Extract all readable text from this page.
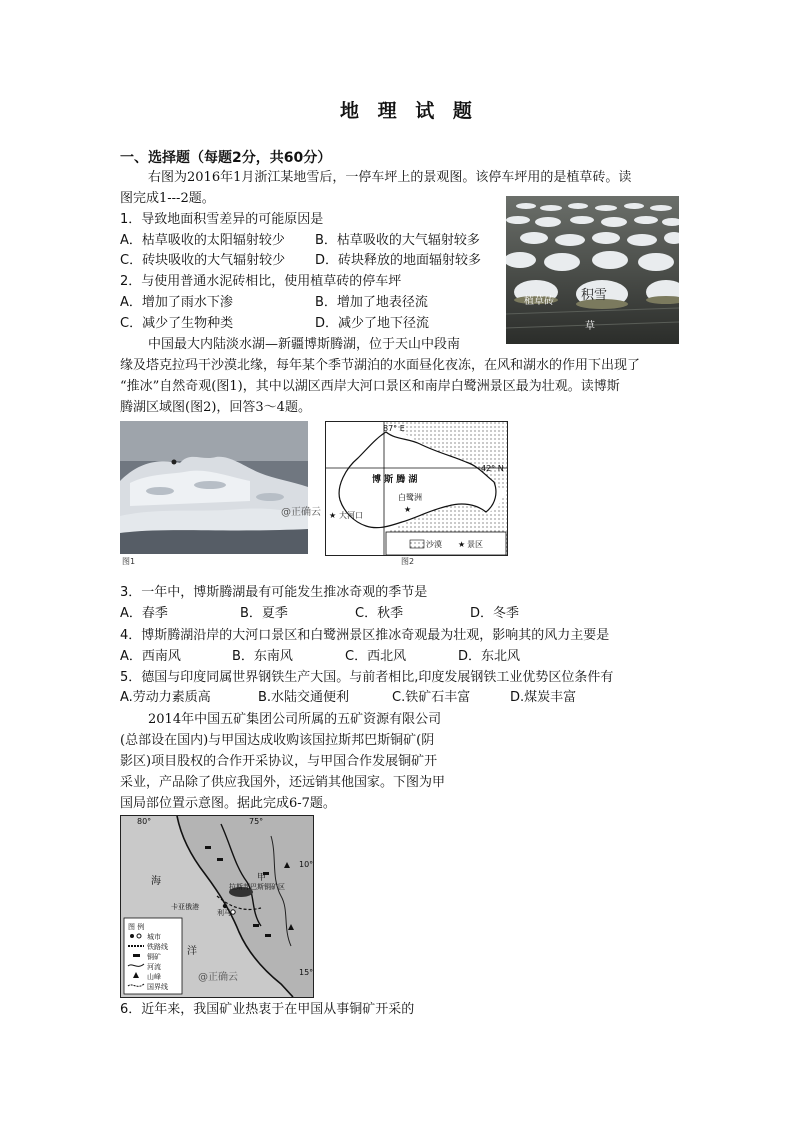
地 理 试 题
一、选择题（每题2分，共60分）
右图为2016年1月浙江某地雪后，一停车坪上的景观图。该停车坪用的是植草砖。读
图完成1---2题。
1．导致地面积雪差异的可能原因是
A．枯草吸收的太阳辐射较少 B．枯草吸收的大气辐射较多
C．砖块吸收的大气辐射较少 D．砖块释放的地面辐射较多
2．与使用普通水泥砖相比，使用植草砖的停车坪
A．增加了雨水下渗	B．增加了地表径流
C．减少了生物种类	D．减少了地下径流
植草砖 积雪
草
中国最大内陆淡水湖—新疆博斯腾湖，位于天山中段南
缘及塔克拉玛干沙漠北缘，每年某个季节湖泊的水面昼化夜冻，在风和湖水的作用下出现了
“推冰”自然奇观(图1)，其中以湖区西岸大河口景区和南岸白鹭洲景区最为壮观。读博斯
腾湖区域图(图2)，回答3～4题。
图1
@正确云
★
★
★
87° E
42° N
博 斯 腾 湖
白鹭洲
大河口
沙漠	景区
图2
3．一年中，博斯腾湖最有可能发生推冰奇观的季节是
A．春季	B．夏季	C．秋季	D．冬季
4．博斯腾湖沿岸的大河口景区和白鹭洲景区推冰奇观最为壮观，影响其的风力主要是
A．西南风	B．东南风	C．西北风	D．东北风
5．德国与印度同属世界钢铁生产大国。与前者相比,印度发展钢铁工业优势区位条件有
A.劳动力素质高	B.水陆交通便利	C.铁矿石丰富	D.煤炭丰富
2014年中国五矿集团公司所属的五矿资源有限公司
(总部设在国内)与甲国达成收购该国拉斯邦巴斯铜矿(阴
影区)项目股权的合作开采协议，与甲国合作发展铜矿开
采业，产品除了供应我国外，还远销其他国家。下图为甲
国局部位置示意图。据此完成6-7题。
80°	75°
10°
15°
海
洋
甲
拉斯邦巴斯铜矿区
卡亚俄港
利马
图 例
城市
铁路线
铜矿
河流
山峰
国界线
@正确云
6．近年来，我国矿业热衷于在甲国从事铜矿开采的
